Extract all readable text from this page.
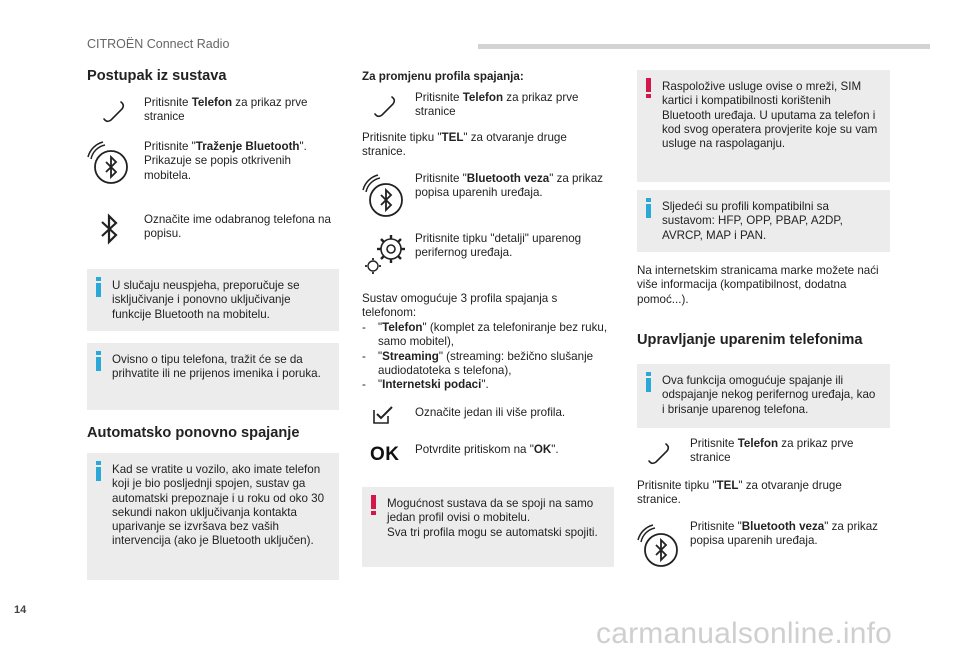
CITROËN Connect Radio
Postupak iz sustava
Pritisnite Telefon za prikaz prve stranice
Pritisnite "Traženje Bluetooth". Prikazuje se popis otkrivenih mobitela.
Označite ime odabranog telefona na popisu.
U slučaju neuspjeha, preporučuje se isključivanje i ponovno uključivanje funkcije Bluetooth na mobitelu.
Ovisno o tipu telefona, tražit će se da prihvatite ili ne prijenos imenika i poruka.
Automatsko ponovno spajanje
Kad se vratite u vozilo, ako imate telefon koji je bio posljednji spojen, sustav ga automatski prepoznaje i u roku od oko 30 sekundi nakon uključivanja kontakta uparivanje se izvršava bez vaših intervencija (ako je Bluetooth uključen).
Za promjenu profila spajanja:
Pritisnite Telefon za prikaz prve stranice
Pritisnite tipku "TEL" za otvaranje druge stranice.
Pritisnite "Bluetooth veza" za prikaz popisa uparenih uređaja.
Pritisnite tipku "detalji" uparenog perifernog uređaja.
Sustav omogućuje 3 profila spajanja s telefonom:
-	"Telefon" (komplet za telefoniranje bez ruku, samo mobitel),
-	"Streaming" (streaming: bežično slušanje audiodatoteka s telefona),
-	"Internetski podaci".
Označite jedan ili više profila.
OK Potvrdite pritiskom na "OK".
Mogućnost sustava da se spoji na samo jedan profil ovisi o mobitelu.
Sva tri profila mogu se automatski spojiti.
Raspoložive usluge ovise o mreži, SIM kartici i kompatibilnosti korištenih Bluetooth uređaja. U uputama za telefon i kod svog operatera provjerite koje su vam usluge na raspolaganju.
Sljedeći su profili kompatibilni sa sustavom: HFP, OPP, PBAP, A2DP, AVRCP, MAP i PAN.
Na internetskim stranicama marke možete naći više informacija (kompatibilnost, dodatna pomoć...).
Upravljanje uparenim telefonima
Ova funkcija omogućuje spajanje ili odspajanje nekog perifernog uređaja, kao i brisanje uparenog telefona.
Pritisnite Telefon za prikaz prve stranice
Pritisnite tipku "TEL" za otvaranje druge stranice.
Pritisnite "Bluetooth veza" za prikaz popisa uparenih uređaja.
14
carmanualsonline.info
